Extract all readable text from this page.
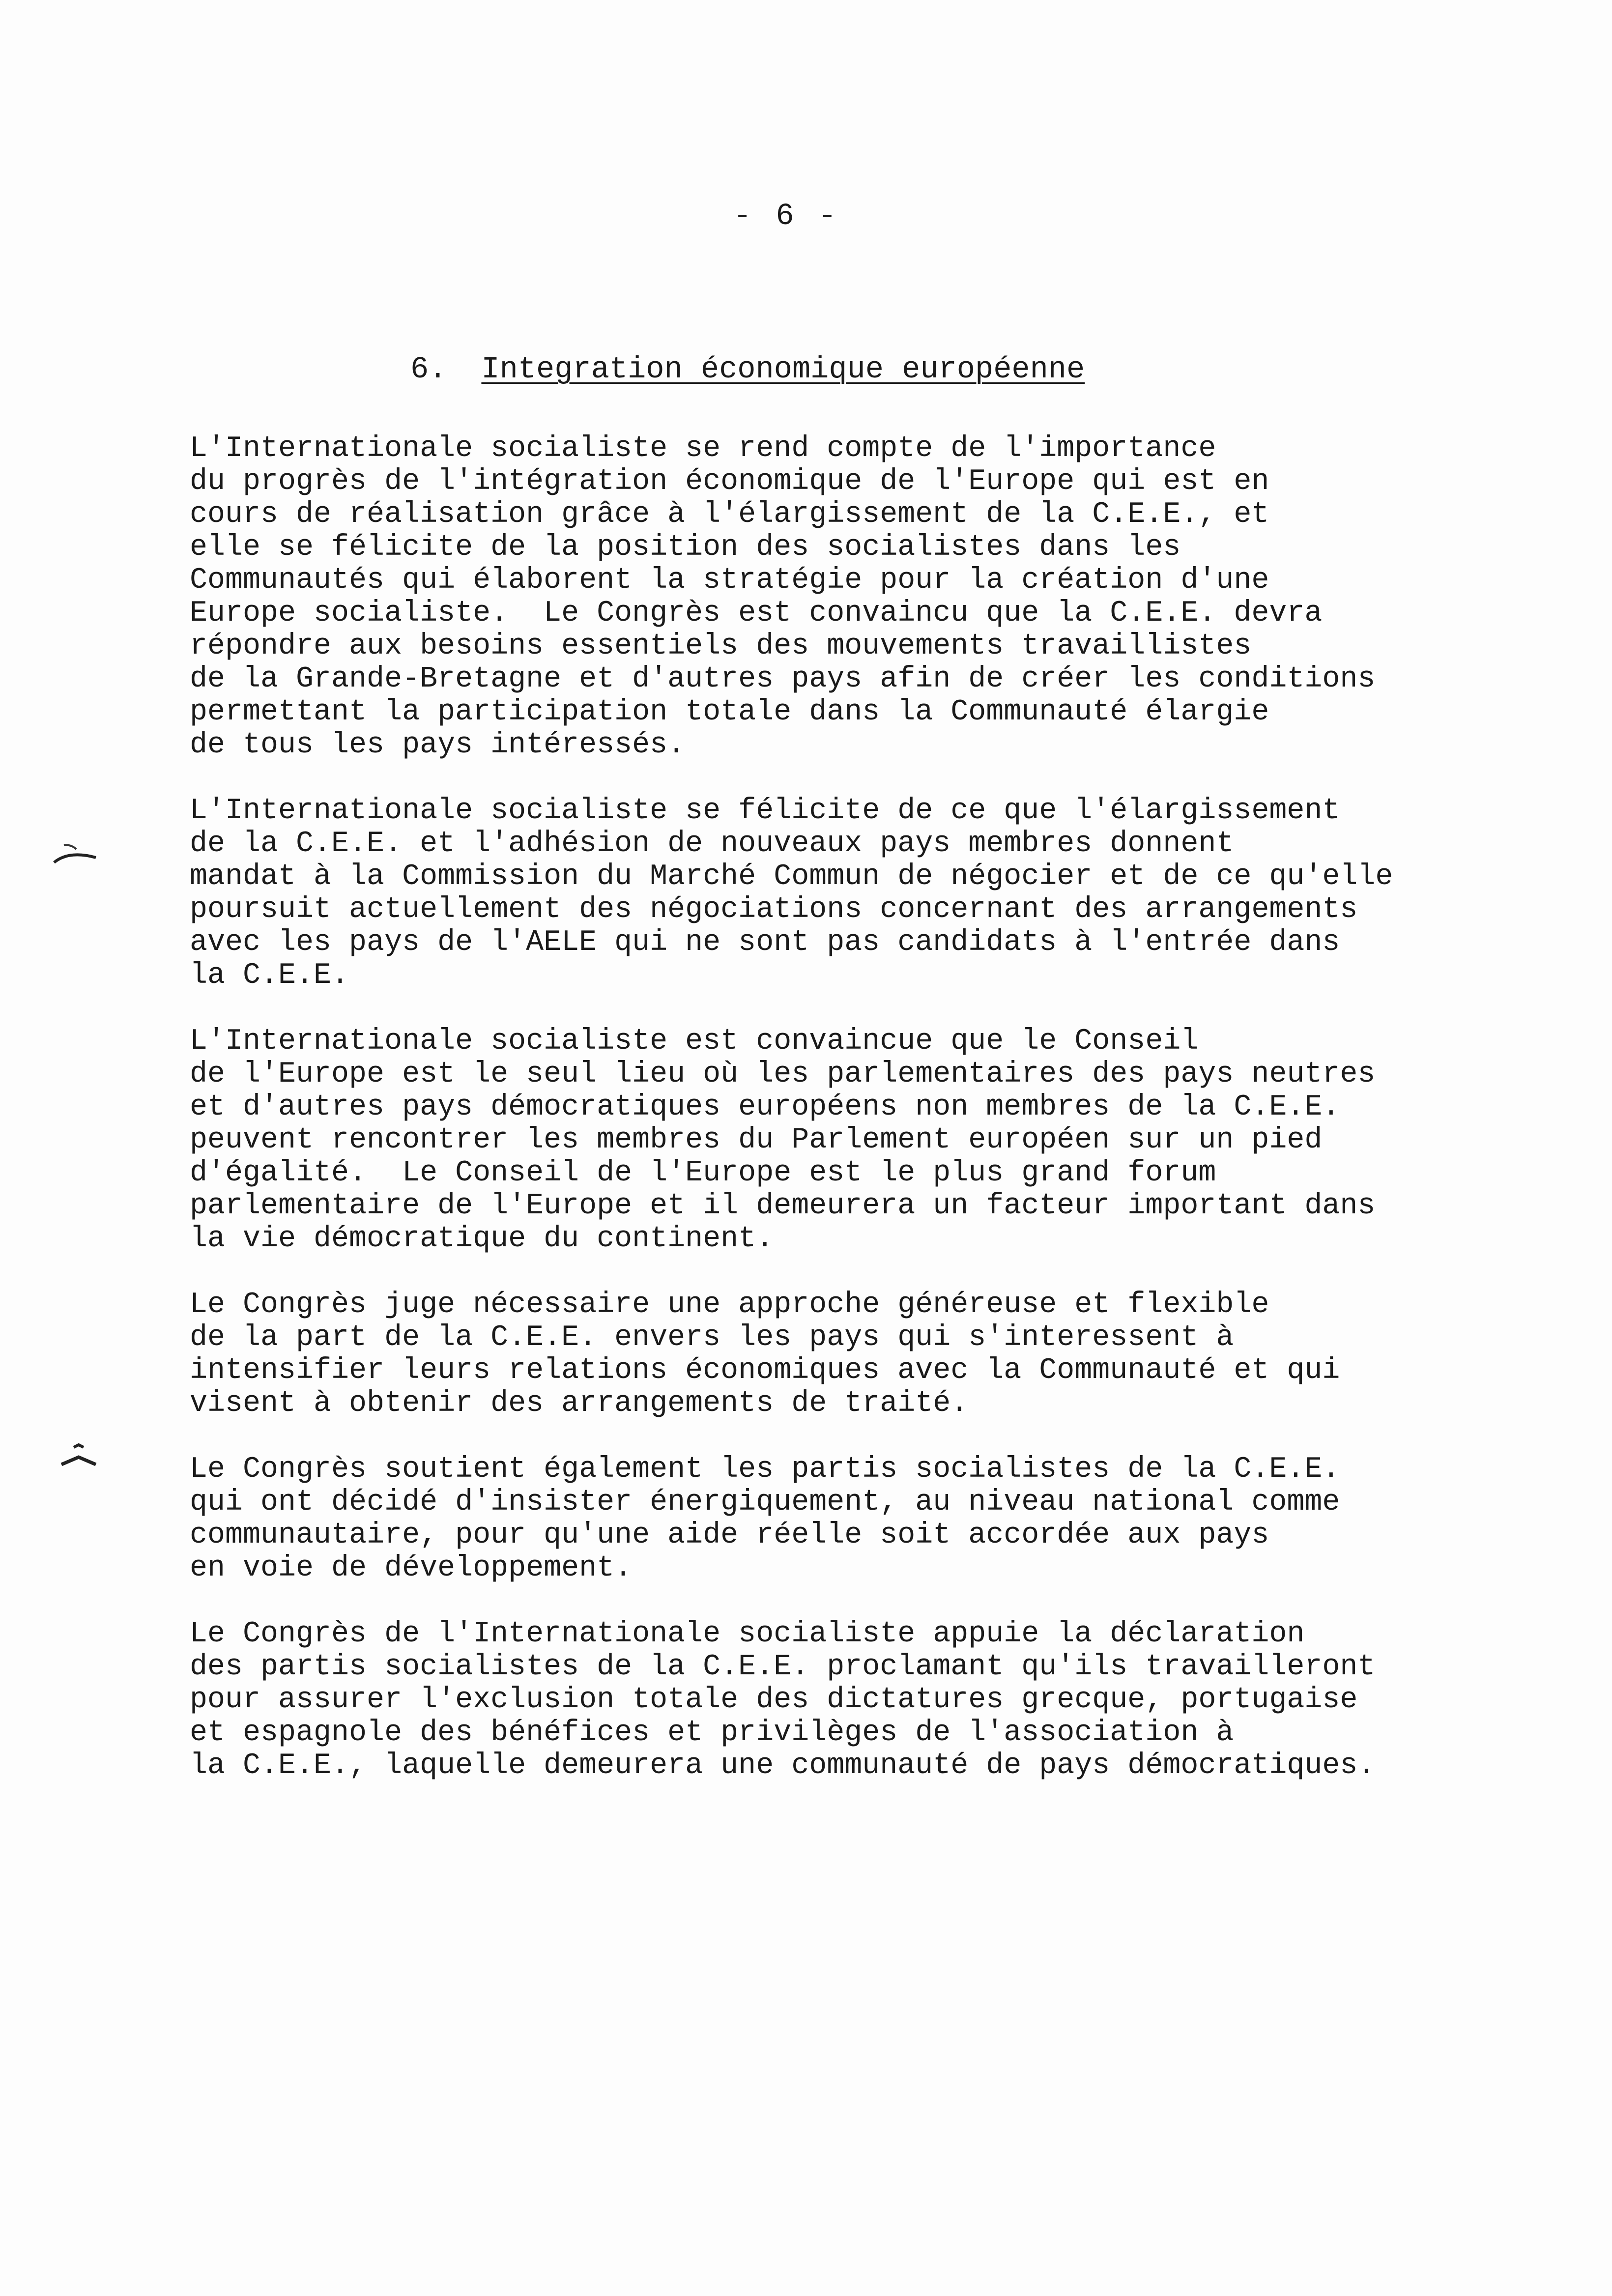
- 6 -
6. Integration économique européenne
L'Internationale socialiste se rend compte de l'importance
du progrès de l'intégration économique de l'Europe qui est en
cours de réalisation grâce à l'élargissement de la C.E.E., et
elle se félicite de la position des socialistes dans les
Communautés qui élaborent la stratégie pour la création d'une
Europe socialiste.  Le Congrès est convaincu que la C.E.E. devra
répondre aux besoins essentiels des mouvements travaillistes
de la Grande-Bretagne et d'autres pays afin de créer les conditions
permettant la participation totale dans la Communauté élargie
de tous les pays intéressés.
L'Internationale socialiste se félicite de ce que l'élargissement
de la C.E.E. et l'adhésion de nouveaux pays membres donnent
mandat à la Commission du Marché Commun de négocier et de ce qu'elle
poursuit actuellement des négociations concernant des arrangements
avec les pays de l'AELE qui ne sont pas candidats à l'entrée dans
la C.E.E.
L'Internationale socialiste est convaincue que le Conseil
de l'Europe est le seul lieu où les parlementaires des pays neutres
et d'autres pays démocratiques européens non membres de la C.E.E.
peuvent rencontrer les membres du Parlement européen sur un pied
d'égalité.  Le Conseil de l'Europe est le plus grand forum
parlementaire de l'Europe et il demeurera un facteur important dans
la vie démocratique du continent.
Le Congrès juge nécessaire une approche généreuse et flexible
de la part de la C.E.E. envers les pays qui s'interessent à
intensifier leurs relations économiques avec la Communauté et qui
visent à obtenir des arrangements de traité.
Le Congrès soutient également les partis socialistes de la C.E.E.
qui ont décidé d'insister énergiquement, au niveau national comme
communautaire, pour qu'une aide réelle soit accordée aux pays
en voie de développement.
Le Congrès de l'Internationale socialiste appuie la déclaration
des partis socialistes de la C.E.E. proclamant qu'ils travailleront
pour assurer l'exclusion totale des dictatures grecque, portugaise
et espagnole des bénéfices et privilèges de l'association à
la C.E.E., laquelle demeurera une communauté de pays démocratiques.
